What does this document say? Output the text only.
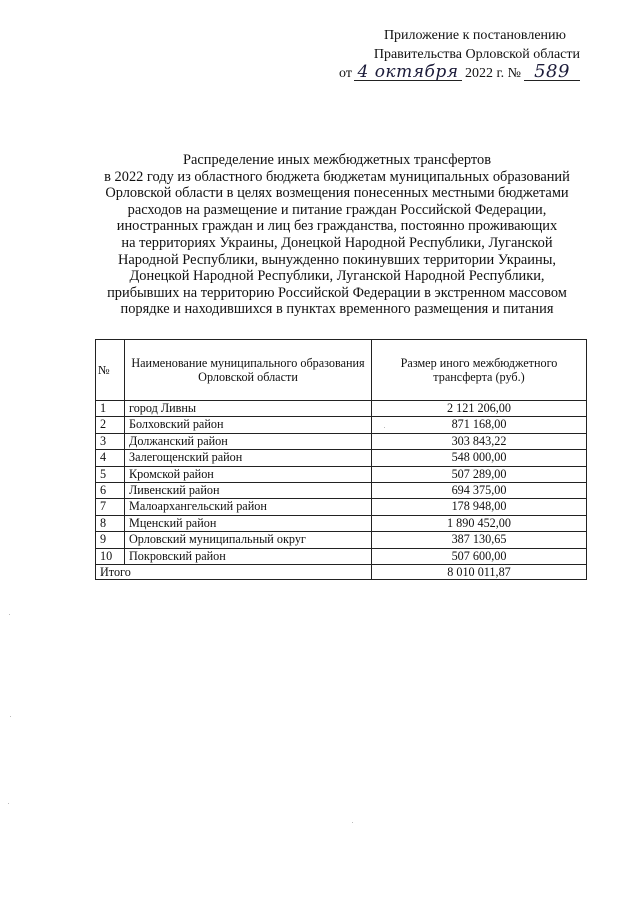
Приложение к постановлению
Правительства Орловской области
от 4 октября 2022 г. № 589
Распределение иных межбюджетных трансфертов
в 2022 году из областного бюджета бюджетам муниципальных образований
Орловской области в целях возмещения понесенных местными бюджетами
расходов на размещение и питание граждан Российской Федерации,
иностранных граждан и лиц без гражданства, постоянно проживающих
на территориях Украины, Донецкой Народной Республики, Луганской
Народной Республики, вынужденно покинувших территории Украины,
Донецкой Народной Республики, Луганской Народной Республики,
прибывших на территорию Российской Федерации в экстренном массовом
порядке и находившихся в пунктах временного размещения и питания
№	Наименование муниципального образования Орловской области	Размер иного межбюджетного трансферта (руб.)
1	город Ливны	2 121 206,00
2	Болховский район	871 168,00
3	Должанский район	303 843,22
4	Залегощенский район	548 000,00
5	Кромской район	507 289,00
6	Ливенский район	694 375,00
7	Малоархангельский район	178 948,00
8	Мценский район	1 890 452,00
9	Орловский муниципальный округ	387 130,65
10	Покровский район	507 600,00
Итого		8 010 011,87
